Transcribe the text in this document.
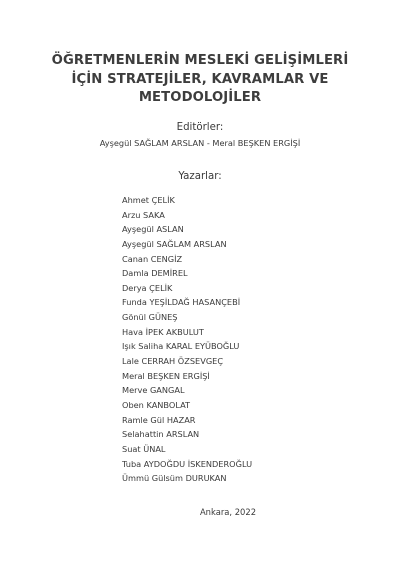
ÖĞRETMENLERİN MESLEKİ GELİŞİMLERİ
İÇİN STRATEJİLER, KAVRAMLAR VE
METODOLOJİLER
Editörler:
Ayşegül SAĞLAM ARSLAN - Meral BEŞKEN ERGİŞİ
Yazarlar:
Ahmet ÇELİK
Arzu SAKA
Ayşegül ASLAN
Ayşegül SAĞLAM ARSLAN
Canan CENGİZ
Damla DEMİREL
Derya ÇELİK
Funda YEŞİLDAĞ HASANÇEBİ
Gönül GÜNEŞ
Hava İPEK AKBULUT
Işık Saliha KARAL EYÜBOĞLU
Lale CERRAH ÖZSEVGEÇ
Meral BEŞKEN ERGİŞİ
Merve GANGAL
Oben KANBOLAT
Ramle Gül HAZAR
Selahattin ARSLAN
Suat ÜNAL
Tuba AYDOĞDU İSKENDEROĞLU
Ümmü Gülsüm DURUKAN
Ankara, 2022
